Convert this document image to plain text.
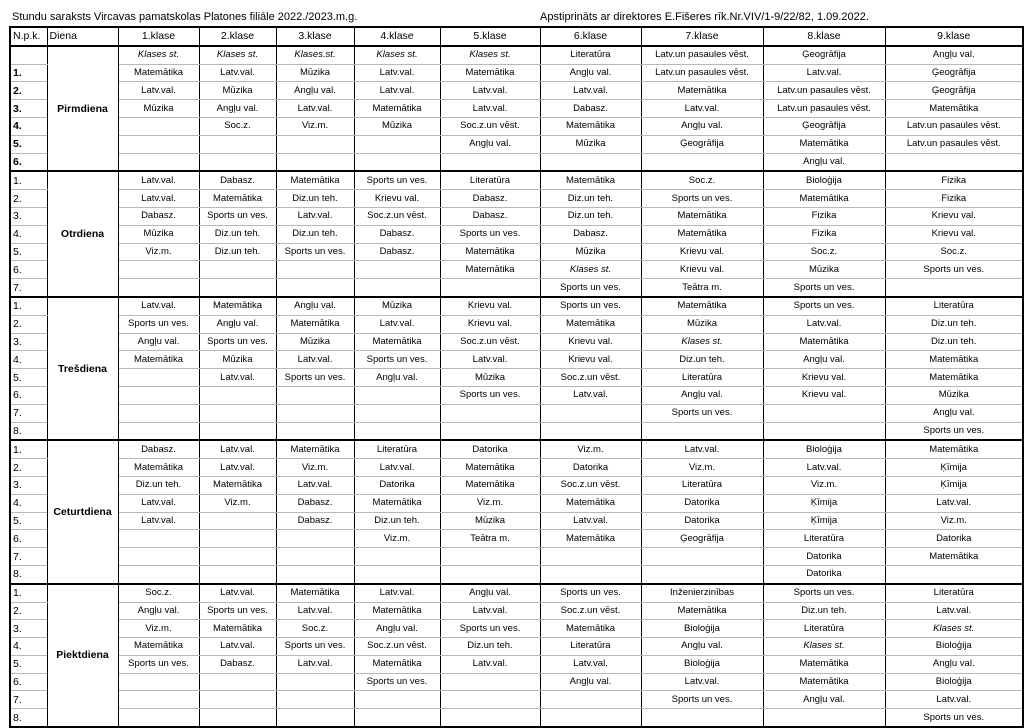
Stundu saraksts Vircavas pamatskolas Platones filiāle 2022./2023.m.g.	Apstiprināts ar direktores E.Fišeres rīk.Nr.VIV/1-9/22/82, 1.09.2022.
N.p.k.	Diena	1.klase	2.klase	3.klase	4.klase	5.klase	6.klase	7.klase	8.klase	9.klase
	Pirmdiena	Klases st.	Klases st.	Klases.st.	Klases st.	Klases st.	Literatūra	Latv.un pasaules vēst.	Ģeogrāfija	Angļu val.
1.		Matemātika	Latv.val.	Mūzika	Latv.val.	Matemātika	Angļu val.	Latv.un pasaules vēst.	Latv.val.	Ģeogrāfija
2.		Latv.val.	Mūzika	Angļu val.	Latv.val.	Latv.val.	Latv.val.	Matemātika	Latv.un pasaules vēst.	Ģeogrāfija
3.		Mūzika	Angļu val.	Latv.val.	Matemātika	Latv.val.	Dabasz.	Latv.val.	Latv.un pasaules vēst.	Matemātika
4.			Soc.z.	Viz.m.	Mūzika	Soc.z.un vēst.	Matemātika	Angļu val.	Ģeogrāfija	Latv.un pasaules vēst.
5.						Angļu val.	Mūzika	Ģeogrāfija	Matemātika	Latv.un pasaules vēst.
6.									Angļu val.	
1.	Otrdiena	Latv.val.	Dabasz.	Matemātika	Sports un ves.	Literatūra	Matemātika	Soc.z.	Bioloģija	Fizika
2.		Latv.val.	Matemātika	Diz.un teh.	Krievu val.	Dabasz.	Diz.un teh.	Sports un ves.	Matemātika	Fizika
3.		Dabasz.	Sports un ves.	Latv.val.	Soc.z.un vēst.	Dabasz.	Diz.un teh.	Matemātika	Fizika	Krievu val.
4.		Mūzika	Diz.un teh.	Diz.un teh.	Dabasz.	Sports un ves.	Dabasz.	Matemātika	Fizika	Krievu val.
5.		Viz.m.	Diz.un teh.	Sports un ves.	Dabasz.	Matemātika	Mūzika	Krievu val.	Soc.z.	Soc.z.
6.						Matemātika	Klases st.	Krievu val.	Mūzika	Sports un ves.
7.							Sports un ves.	Teātra m.	Sports un ves.	
1.	Trešdiena	Latv.val.	Matemātika	Angļu val.	Mūzika	Krievu val.	Sports un ves.	Matemātika	Sports un ves.	Literatūra
2.		Sports un ves.	Angļu val.	Matemātika	Latv.val.	Krievu val.	Matemātika	Mūzika	Latv.val.	Diz.un teh.
3.		Angļu val.	Sports un ves.	Mūzika	Matemātika	Soc.z.un vēst.	Krievu val.	Klases st.	Matemātika	Diz.un teh.
4.		Matemātika	Mūzika	Latv.val.	Sports un ves.	Latv.val.	Krievu val.	Diz.un teh.	Angļu val.	Matemātika
5.			Latv.val.	Sports un ves.	Angļu val.	Mūzika	Soc.z.un vēst.	Literatūra	Krievu val.	Matemātika
6.						Sports un ves.	Latv.val.	Angļu val.	Krievu val.	Mūzika
7.								Sports un ves.		Angļu val.
8.										Sports un ves.
1.	Ceturtdiena	Dabasz.	Latv.val.	Matemātika	Literatūra	Datorika	Viz.m.	Latv.val.	Bioloģija	Matemātika
2.		Matemātika	Latv.val.	Viz.m.	Latv.val.	Matemātika	Datorika	Viz.m.	Latv.val.	Ķīmija
3.		Diz.un teh.	Matemātika	Latv.val.	Datorika	Matemātika	Soc.z.un vēst.	Literatūra	Viz.m.	Ķīmija
4.		Latv.val.	Viz.m.	Dabasz.	Matemātika	Viz.m.	Matemātika	Datorika	Ķīmija	Latv.val.
5.		Latv.val.		Dabasz.	Diz.un teh.	Mūzika	Latv.val.	Datorika	Ķīmija	Viz.m.
6.					Viz.m.	Teātra m.	Matemātika	Ģeogrāfija	Literatūra	Datorika
7.									Datorika	Matemātika
8.									Datorika	
1.	Piektdiena	Soc.z.	Latv.val.	Matemātika	Latv.val.	Angļu val.	Sports un ves.	Inženierzinības	Sports un ves.	Literatūra
2.		Angļu val.	Sports un ves.	Latv.val.	Matemātika	Latv.val.	Soc.z.un vēst.	Matemātika	Diz.un teh.	Latv.val.
3.		Viz.m.	Matemātika	Soc.z.	Angļu val.	Sports un ves.	Matemātika	Bioloģija	Literatūra	Klases st.
4.		Matemātika	Latv.val.	Sports un ves.	Soc.z.un vēst.	Diz.un teh.	Literatūra	Angļu val.	Klases st.	Bioloģija
5.		Sports un ves.	Dabasz.	Latv.val.	Matemātika	Latv.val.	Latv.val.	Bioloģija	Matemātika	Angļu val.
6.					Sports un ves.		Angļu val.	Latv.val.	Matemātika	Bioloģija
7.								Sports un ves.	Angļu val.	Latv.val.
8.										Sports un ves.
